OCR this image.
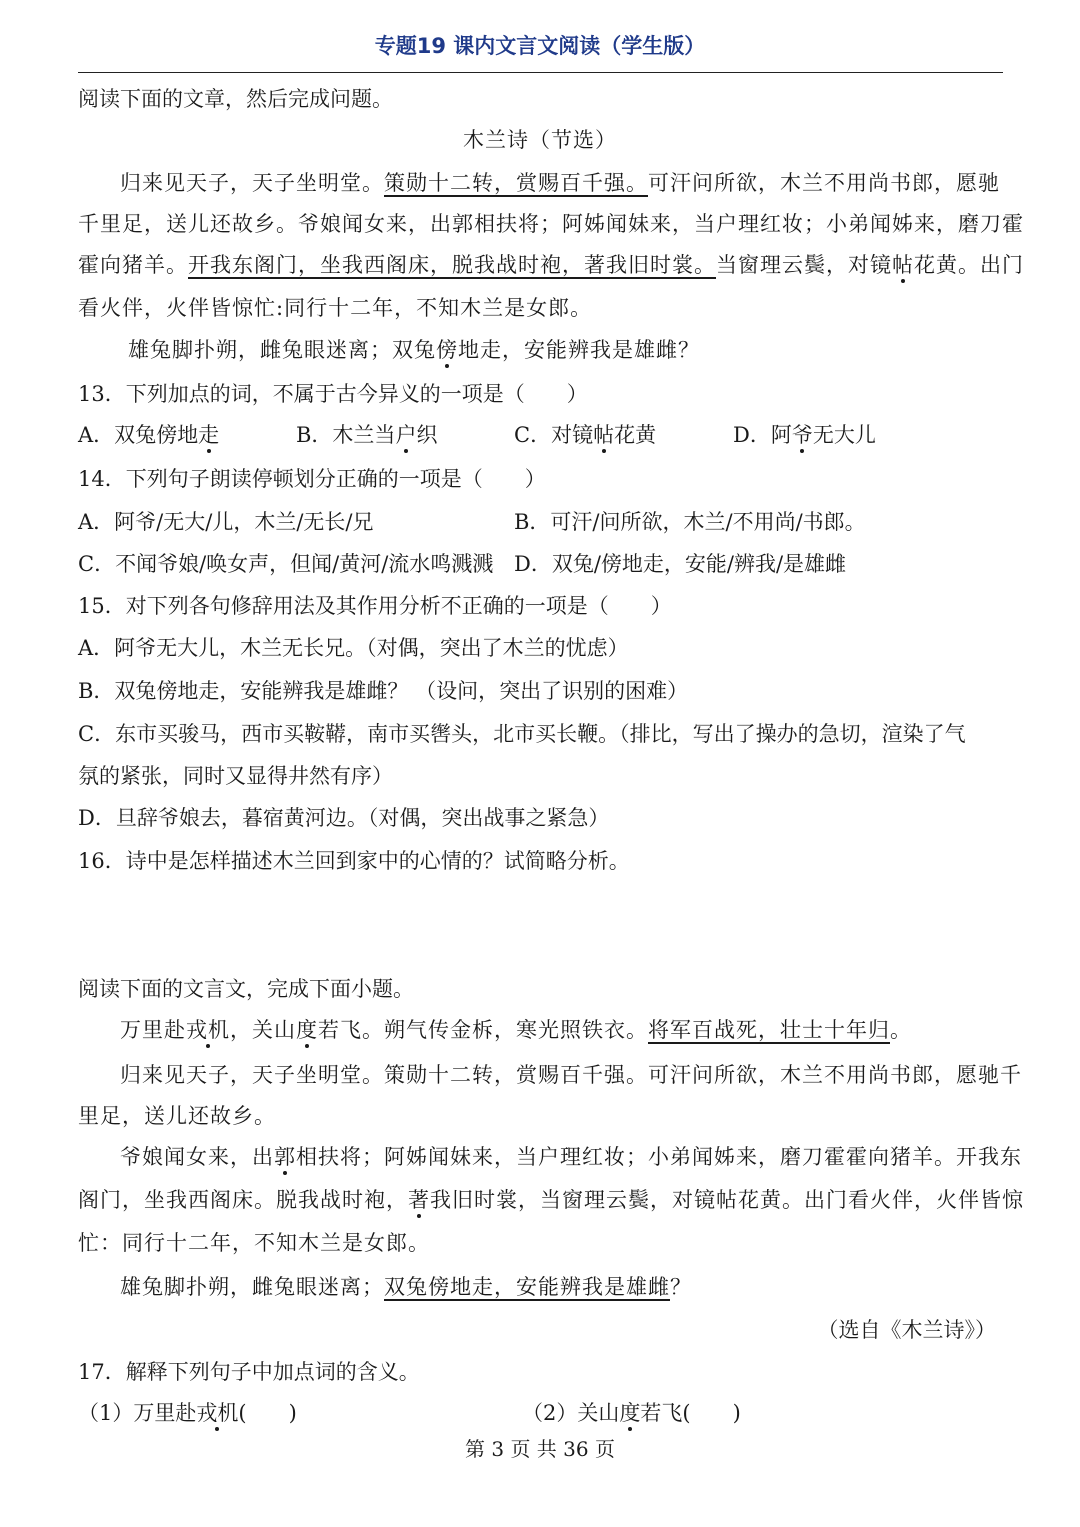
专题19 课内文言文阅读（学生版）
阅读下面的文章，然后完成问题。
木兰诗（节选）
归来见天子，天子坐明堂。策勋十二转，赏赐百千强。可汗问所欲，木兰不用尚书郎，愿驰
千里足，送儿还故乡。爷娘闻女来，出郭相扶将；阿姊闻妹来，当户理红妆；小弟闻姊来，磨刀霍
霍向猪羊。开我东阁门，坐我西阁床，脱我战时袍，著我旧时裳。当窗理云鬓，对镜帖花黄。出门
看火伴，火伴皆惊忙:同行十二年，不知木兰是女郎。
雄兔脚扑朔，雌兔眼迷离；双兔傍地走，安能辨我是雄雌？
13．下列加点的词，不属于古今异义的一项是（　　）
A．双兔傍地走	B．木兰当户织	C．对镜帖花黄	D．阿爷无大儿
14．下列句子朗读停顿划分正确的一项是（　　）
A．阿爷/无大/儿，木兰/无长/兄	B．可汗/问所欲，木兰/不用尚/书郎。
C．不闻爷娘/唤女声，但闻/黄河/流水鸣溅溅 D．双兔/傍地走，安能/辨我/是雄雌
15．对下列各句修辞用法及其作用分析不正确的一项是（　　）
A．阿爷无大儿，木兰无长兄。（对偶，突出了木兰的忧虑）
B．双兔傍地走，安能辨我是雄雌？ （设问，突出了识别的困难）
C．东市买骏马，西市买鞍鞯，南市买辔头，北市买长鞭。（排比，写出了操办的急切，渲染了气
氛的紧张，同时又显得井然有序）
D．旦辞爷娘去，暮宿黄河边。（对偶，突出战事之紧急）
16．诗中是怎样描述木兰回到家中的心情的？试简略分析。
阅读下面的文言文，完成下面小题。
万里赴戎机，关山度若飞。朔气传金柝，寒光照铁衣。将军百战死，壮士十年归。
归来见天子，天子坐明堂。策勋十二转，赏赐百千强。可汗问所欲，木兰不用尚书郎，愿驰千
里足，送儿还故乡。
爷娘闻女来，出郭相扶将；阿姊闻妹来，当户理红妆；小弟闻姊来，磨刀霍霍向猪羊。开我东
阁门，坐我西阁床。脱我战时袍，著我旧时裳，当窗理云鬓，对镜帖花黄。出门看火伴，火伴皆惊
忙：同行十二年，不知木兰是女郎。
雄兔脚扑朔，雌兔眼迷离；双兔傍地走，安能辨我是雄雌？
（选自《木兰诗》）
17．解释下列句子中加点词的含义。
（1）万里赴戎机(　　)	（2）关山度若飞(　　)
第 3 页 共 36 页
